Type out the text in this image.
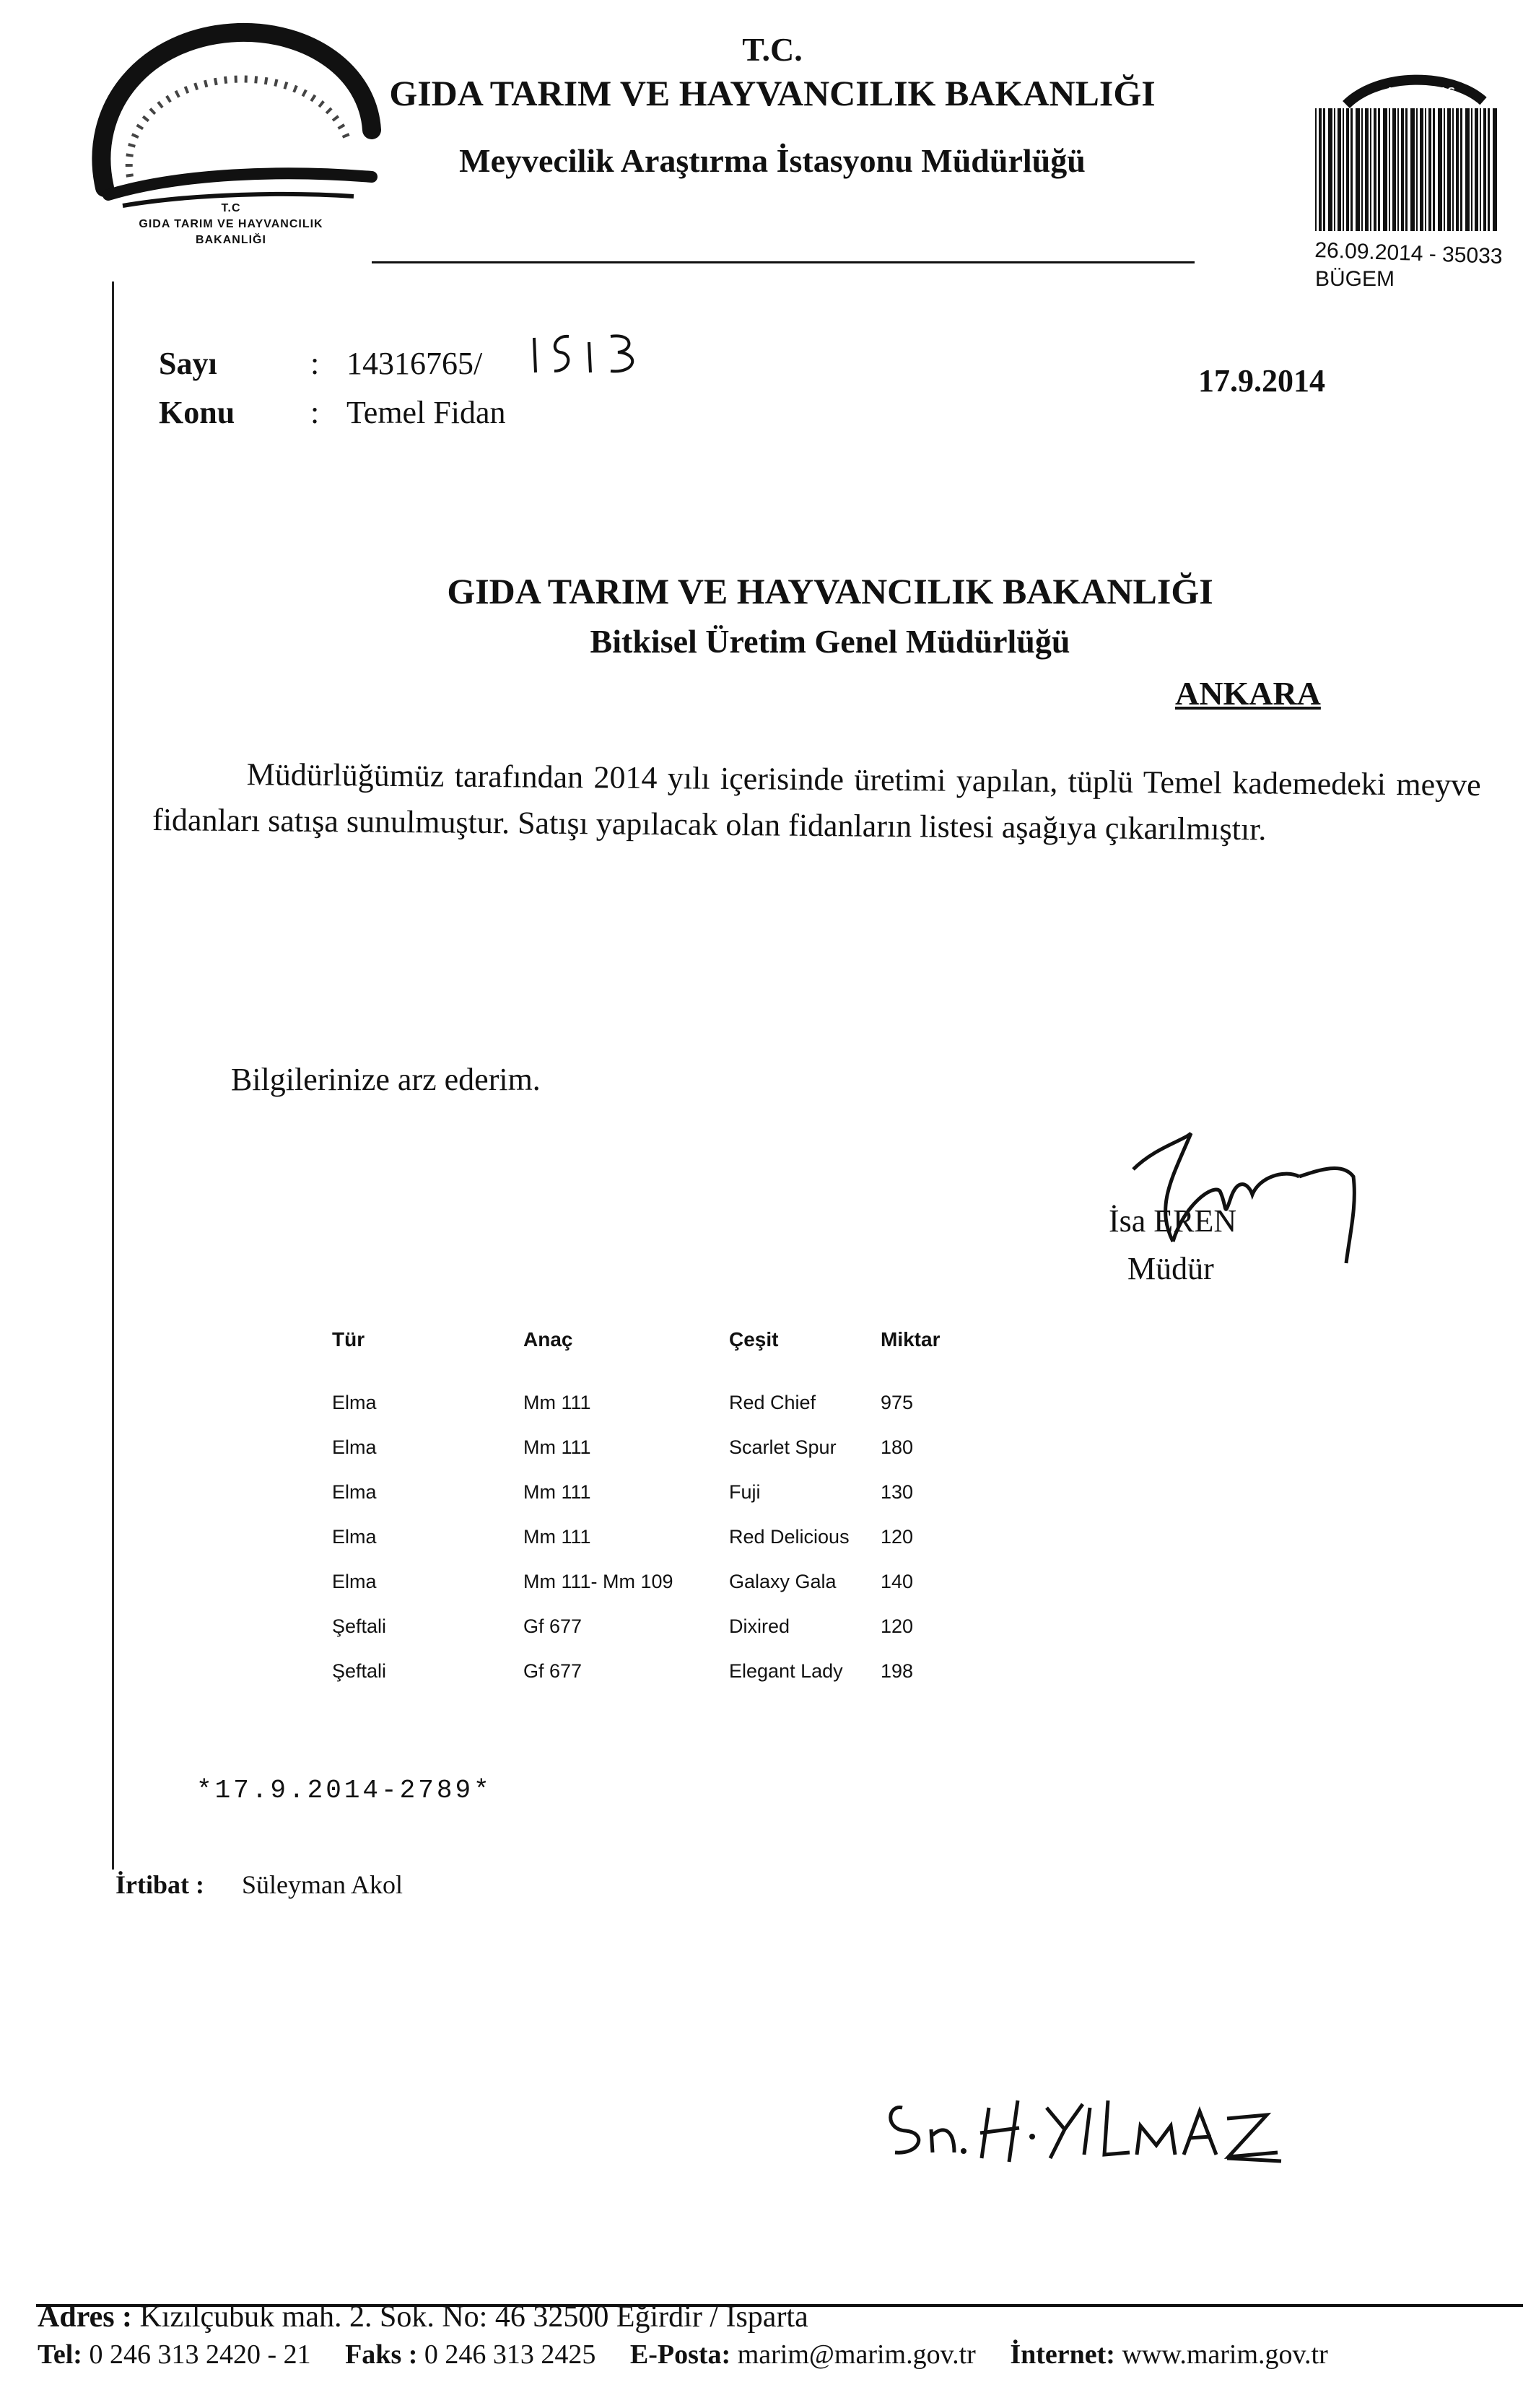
T.C
GIDA TARIM VE HAYVANCILIK
BAKANLIĞI
T.C.
GIDA TARIM VE HAYVANCILIK BAKANLIĞI
Meyvecilik Araştırma İstasyonu Müdürlüğü
ANKA İSTAS
26.09.2014 - 35033
BÜGEM
Sayı	: 14316765/
Konu : Temel Fidan
17.9.2014
GIDA TARIM VE HAYVANCILIK BAKANLIĞI
Bitkisel Üretim Genel Müdürlüğü
ANKARA
Müdürlüğümüz tarafından 2014 yılı içerisinde üretimi yapılan, tüplü Temel kademedeki meyve fidanları satışa sunulmuştur. Satışı yapılacak olan fidanların listesi aşağıya çıkarılmıştır.
Bilgilerinize arz ederim.
İsa EREN
Müdür
Tür	Anaç	Çeşit	Miktar
Elma	Mm 111	Red Chief	975
Elma	Mm 111	Scarlet Spur 180
Elma	Mm 111	Fuji	130
Elma	Mm 111	Red Delicious 120
Elma	Mm 111- Mm 109	Galaxy Gala 140
Şeftali	Gf 677	Dixired	120
Şeftali	Gf 677	Elegant Lady 198
*17.9.2014-2789*
İrtibat : Süleyman Akol
Adres : Kızılçubuk mah. 2. Sok. No: 46 32500 Eğirdir / Isparta
Tel: 0 246 313 2420 - 21 Faks : 0 246 313 2425 E-Posta: marim@marim.gov.tr İnternet: www.marim.gov.tr
